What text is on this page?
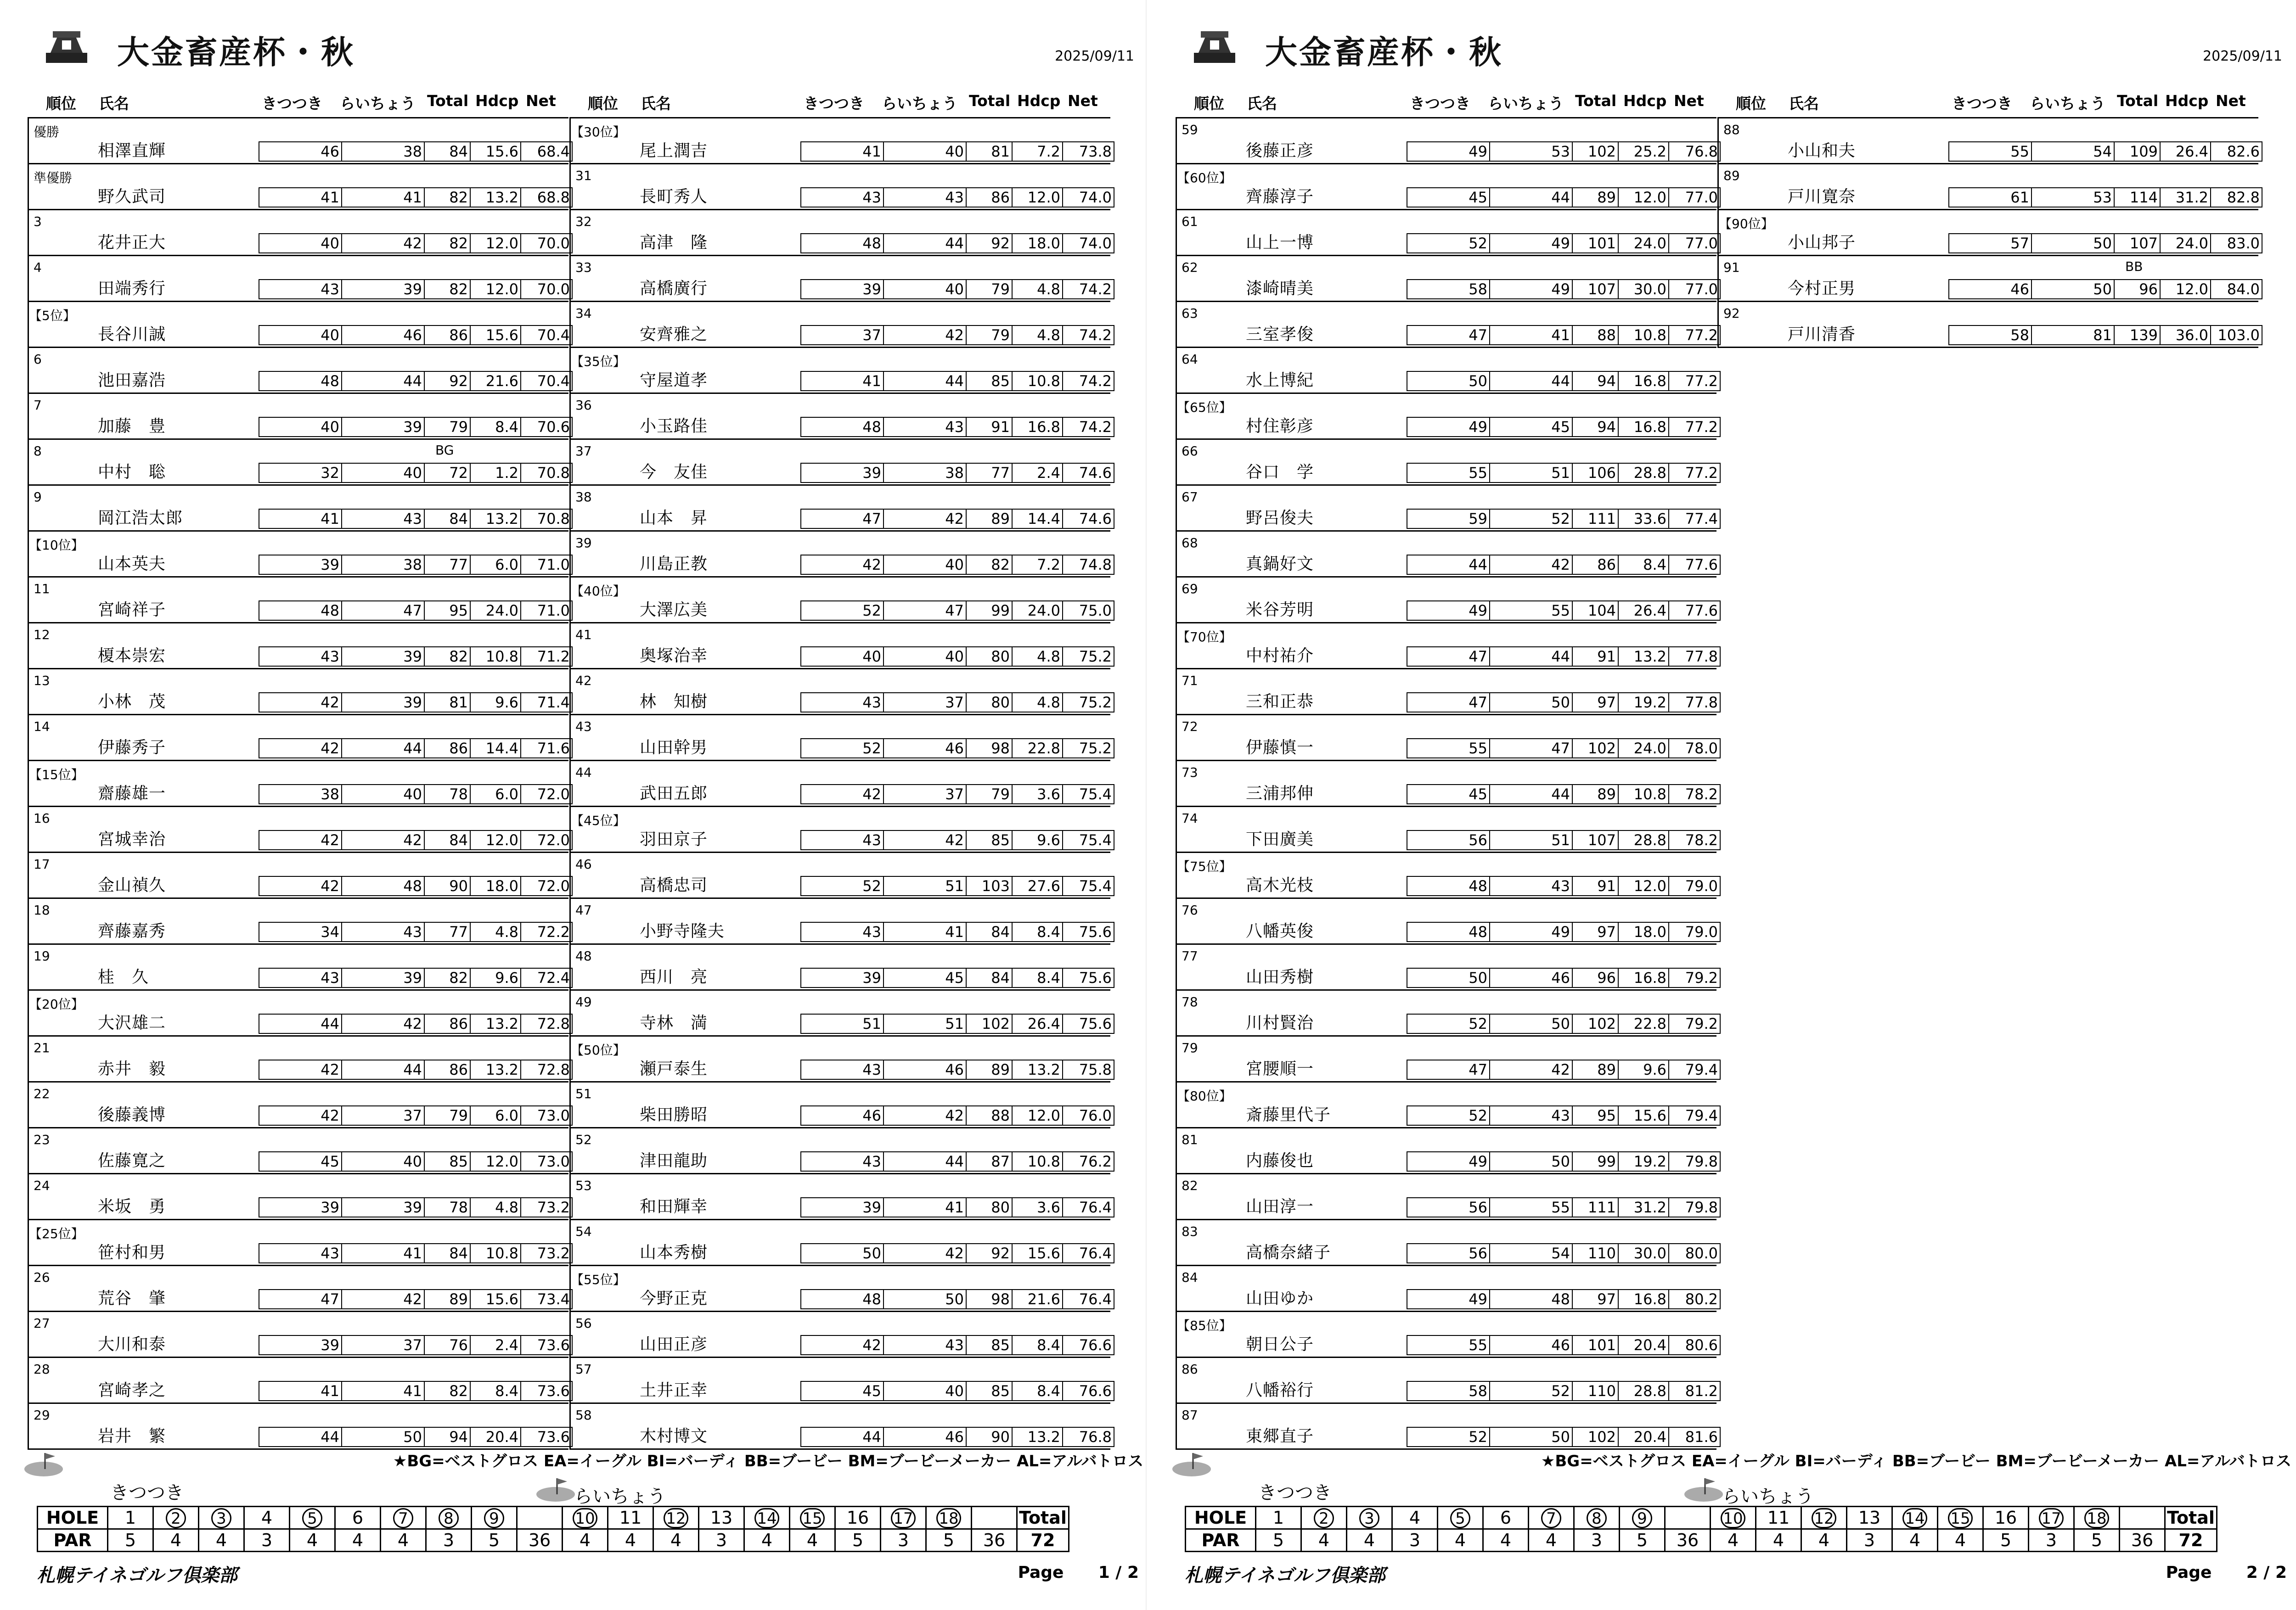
大金畜産杯・秋	2025/09/11
順位 氏名	きつつき らいちょう Total Hdcp Net
優勝
相澤直輝	46	38	84	15.6	68.4
準優勝
野久武司	41	41	82	13.2	68.8
3
花井正大	40	42	82	12.0	70.0
4
田端秀行	43	39	82	12.0	70.0
【5位】
長谷川誠	40	46	86	15.6	70.4
6
池田嘉浩	48	44	92	21.6	70.4
7
加藤　豊	40	39	79	8.4	70.6
8
中村　聡
BG
32	40	72	1.2	70.8
9
岡江浩太郎	41	43	84	13.2	70.8
【10位】
山本英夫	39	38	77	6.0	71.0
11
宮崎祥子	48	47	95	24.0	71.0
12
榎本崇宏	43	39	82	10.8	71.2
13
小林　茂	42	39	81	9.6	71.4
14
伊藤秀子	42	44	86	14.4	71.6
【15位】
齋藤雄一	38	40	78	6.0	72.0
16
宮城幸治	42	42	84	12.0	72.0
17
金山禎久	42	48	90	18.0	72.0
18
齊藤嘉秀	34	43	77	4.8	72.2
19
桂　久	43	39	82	9.6	72.4
【20位】
大沢雄二	44	42	86	13.2	72.8
21
赤井　毅	42	44	86	13.2	72.8
22
後藤義博	42	37	79	6.0	73.0
23
佐藤寛之	45	40	85	12.0	73.0
24
米坂　勇	39	39	78	4.8	73.2
【25位】
笹村和男	43	41	84	10.8	73.2
26
荒谷　肇	47	42	89	15.6	73.4
27
大川和泰	39	37	76	2.4	73.6
28
宮崎孝之	41	41	82	8.4	73.6
29
岩井　繁	44	50	94	20.4	73.6
順位 氏名	きつつき らいちょう Total Hdcp Net
【30位】
尾上潤吉	41	40	81	7.2	73.8
31
長町秀人	43	43	86	12.0	74.0
32
高津　隆	48	44	92	18.0	74.0
33
高橋廣行	39	40	79	4.8	74.2
34
安齊雅之	37	42	79	4.8	74.2
【35位】
守屋道孝	41	44	85	10.8	74.2
36
小玉路佳	48	43	91	16.8	74.2
37
今　友佳	39	38	77	2.4	74.6
38
山本　昇	47	42	89	14.4	74.6
39
川島正教	42	40	82	7.2	74.8
【40位】
大澤広美	52	47	99	24.0	75.0
41
奥塚治幸	40	40	80	4.8	75.2
42
林　知樹	43	37	80	4.8	75.2
43
山田幹男	52	46	98	22.8	75.2
44
武田五郎	42	37	79	3.6	75.4
【45位】
羽田京子	43	42	85	9.6	75.4
46
高橋忠司	52	51	103	27.6	75.4
47
小野寺隆夫	43	41	84	8.4	75.6
48
西川　亮	39	45	84	8.4	75.6
49
寺林　満	51	51	102	26.4	75.6
【50位】
瀬戸泰生	43	46	89	13.2	75.8
51
柴田勝昭	46	42	88	12.0	76.0
52
津田龍助	43	44	87	10.8	76.2
53
和田輝幸	39	41	80	3.6	76.4
54
山本秀樹	50	42	92	15.6	76.4
【55位】
今野正克	48	50	98	21.6	76.4
56
山田正彦	42	43	85	8.4	76.6
57
土井正幸	45	40	85	8.4	76.6
58
木村博文	44	46	90	13.2	76.8
★BG=ベストグロス EA=イーグル BI=バーディ BB=ブービー BM=ブービーメーカー AL=アルバトロス
きつつき	らいちょう
HOLE	1	2	3	4	5	6	7	8	9		10	11	12	13	14	15	16	17	18		Total
PAR	5	4	4	3	4	4	4	3	5	36	4	4	4	3	4	4	5	3	5	36	72
札幌テイネゴルフ倶楽部	Page 1 / 2
大金畜産杯・秋	2025/09/11
順位 氏名	きつつき らいちょう Total Hdcp Net
59
後藤正彦	49	53	102	25.2	76.8
【60位】
齊藤淳子	45	44	89	12.0	77.0
61
山上一博	52	49	101	24.0	77.0
62
漆崎晴美	58	49	107	30.0	77.0
63
三室孝俊	47	41	88	10.8	77.2
64
水上博紀	50	44	94	16.8	77.2
【65位】
村住彰彦	49	45	94	16.8	77.2
66
谷口　学	55	51	106	28.8	77.2
67
野呂俊夫	59	52	111	33.6	77.4
68
真鍋好文	44	42	86	8.4	77.6
69
米谷芳明	49	55	104	26.4	77.6
【70位】
中村祐介	47	44	91	13.2	77.8
71
三和正恭	47	50	97	19.2	77.8
72
伊藤慎一	55	47	102	24.0	78.0
73
三浦邦伸	45	44	89	10.8	78.2
74
下田廣美	56	51	107	28.8	78.2
【75位】
高木光枝	48	43	91	12.0	79.0
76
八幡英俊	48	49	97	18.0	79.0
77
山田秀樹	50	46	96	16.8	79.2
78
川村賢治	52	50	102	22.8	79.2
79
宮腰順一	47	42	89	9.6	79.4
【80位】
斎藤里代子	52	43	95	15.6	79.4
81
内藤俊也	49	50	99	19.2	79.8
82
山田淳一	56	55	111	31.2	79.8
83
高橋奈緒子	56	54	110	30.0	80.0
84
山田ゆか	49	48	97	16.8	80.2
【85位】
朝日公子	55	46	101	20.4	80.6
86
八幡裕行	58	52	110	28.8	81.2
87
東郷直子	52	50	102	20.4	81.6
順位 氏名	きつつき らいちょう Total Hdcp Net
88
小山和夫	55	54	109	26.4	82.6
89
戸川寛奈	61	53	114	31.2	82.8
【90位】
小山邦子	57	50	107	24.0	83.0
91
今村正男
BB
46	50	96	12.0	84.0
92
戸川清香	58	81	139	36.0 103.0
★BG=ベストグロス EA=イーグル BI=バーディ BB=ブービー BM=ブービーメーカー AL=アルバトロス
きつつき	らいちょう
HOLE	1	2	3	4	5	6	7	8	9		10	11	12	13	14	15	16	17	18		Total
PAR	5	4	4	3	4	4	4	3	5	36	4	4	4	3	4	4	5	3	5	36	72
札幌テイネゴルフ倶楽部	Page 2 / 2
